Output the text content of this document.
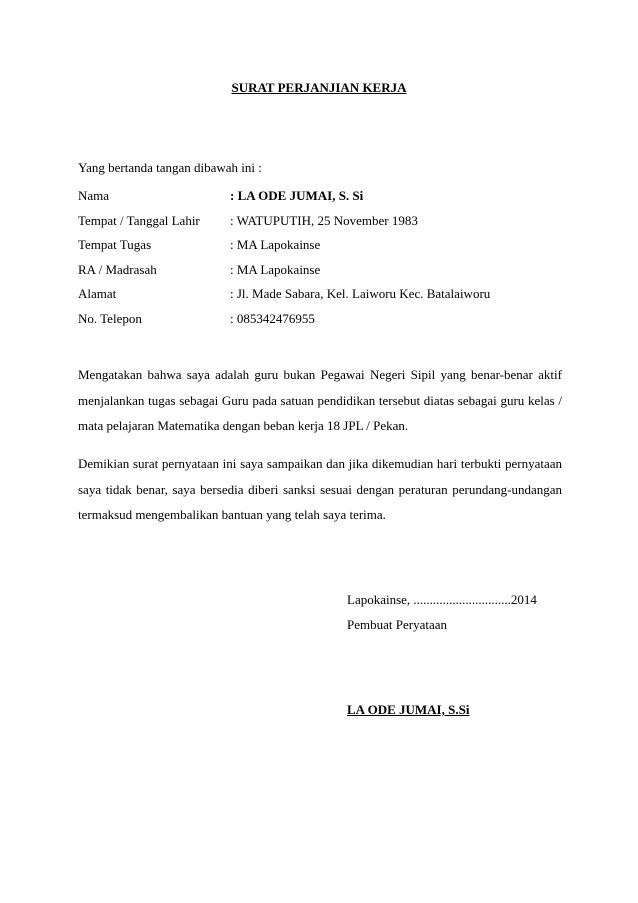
SURAT PERJANJIAN KERJA
Yang bertanda tangan dibawah ini :
Nama	: LA ODE JUMAI, S. Si
Tempat / Tanggal Lahir : WATUPUTIH, 25 November 1983
Tempat Tugas	: MA Lapokainse
RA / Madrasah	: MA Lapokainse
Alamat	: Jl. Made Sabara, Kel. Laiworu Kec. Batalaiworu
No. Telepon	: 085342476955

Mengatakan bahwa saya adalah guru bukan Pegawai Negeri Sipil yang benar-benar aktif menjalankan tugas sebagai Guru pada satuan pendidikan tersebut diatas sebagai guru kelas / mata pelajaran Matematika dengan beban kerja 18 JPL / Pekan.

Demikian surat pernyataan ini saya sampaikan dan jika dikemudian hari terbukti pernyataan saya tidak benar, saya bersedia diberi sanksi sesuai dengan peraturan perundang-undangan termaksud mengembalikan bantuan yang telah saya terima.

Lapokainse, ..............................2014
Pembuat Peryataan
LA ODE JUMAI, S.Si
